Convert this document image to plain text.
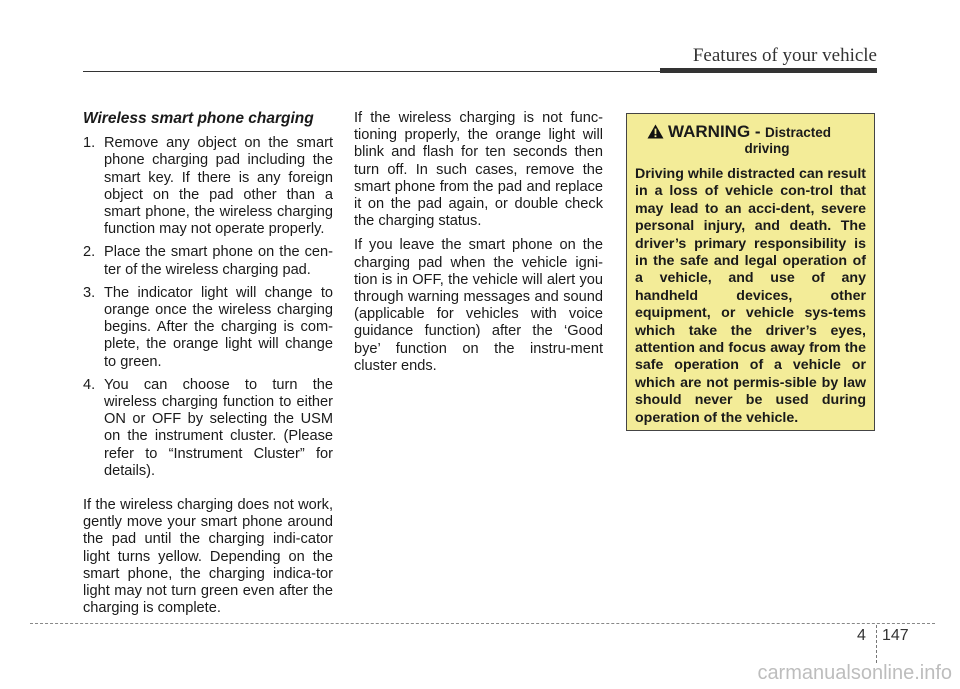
Features of your vehicle
Wireless smart phone charging
1. Remove any object on the smart phone charging pad including the smart key. If there is any foreign object on the pad other than a smart phone, the wireless charging function may not operate properly.
2. Place the smart phone on the cen-ter of the wireless charging pad.
3. The indicator light will change to orange once the wireless charging begins. After the charging is com-plete, the orange light will change to green.
4. You can choose to turn the wireless charging function to either ON or OFF by selecting the USM on the instrument cluster. (Please refer to “Instrument Cluster” for details).

If the wireless charging does not work, gently move your smart phone around the pad until the charging indi-cator light turns yellow. Depending on the smart phone, the charging indica-tor light may not turn green even after the charging is complete.

If the wireless charging is not func-tioning properly, the orange light will blink and flash for ten seconds then turn off. In such cases, remove the smart phone from the pad and replace it on the pad again, or double check the charging status.

If you leave the smart phone on the charging pad when the vehicle igni-tion is in OFF, the vehicle will alert you through warning messages and sound (applicable for vehicles with voice guidance function) after the ‘Good bye’ function on the instru-ment cluster ends.

WARNING - Distracted
driving
Driving while distracted can result in a loss of vehicle con-trol that may lead to an acci-dent, severe personal injury, and death. The driver’s primary responsibility is in the safe and legal operation of a vehicle, and use of any handheld devices, other equipment, or vehicle sys-tems which take the driver’s eyes, attention and focus away from the safe operation of a vehicle or which are not permis-sible by law should never be used during operation of the vehicle.
4 147
carmanualsonline.info
